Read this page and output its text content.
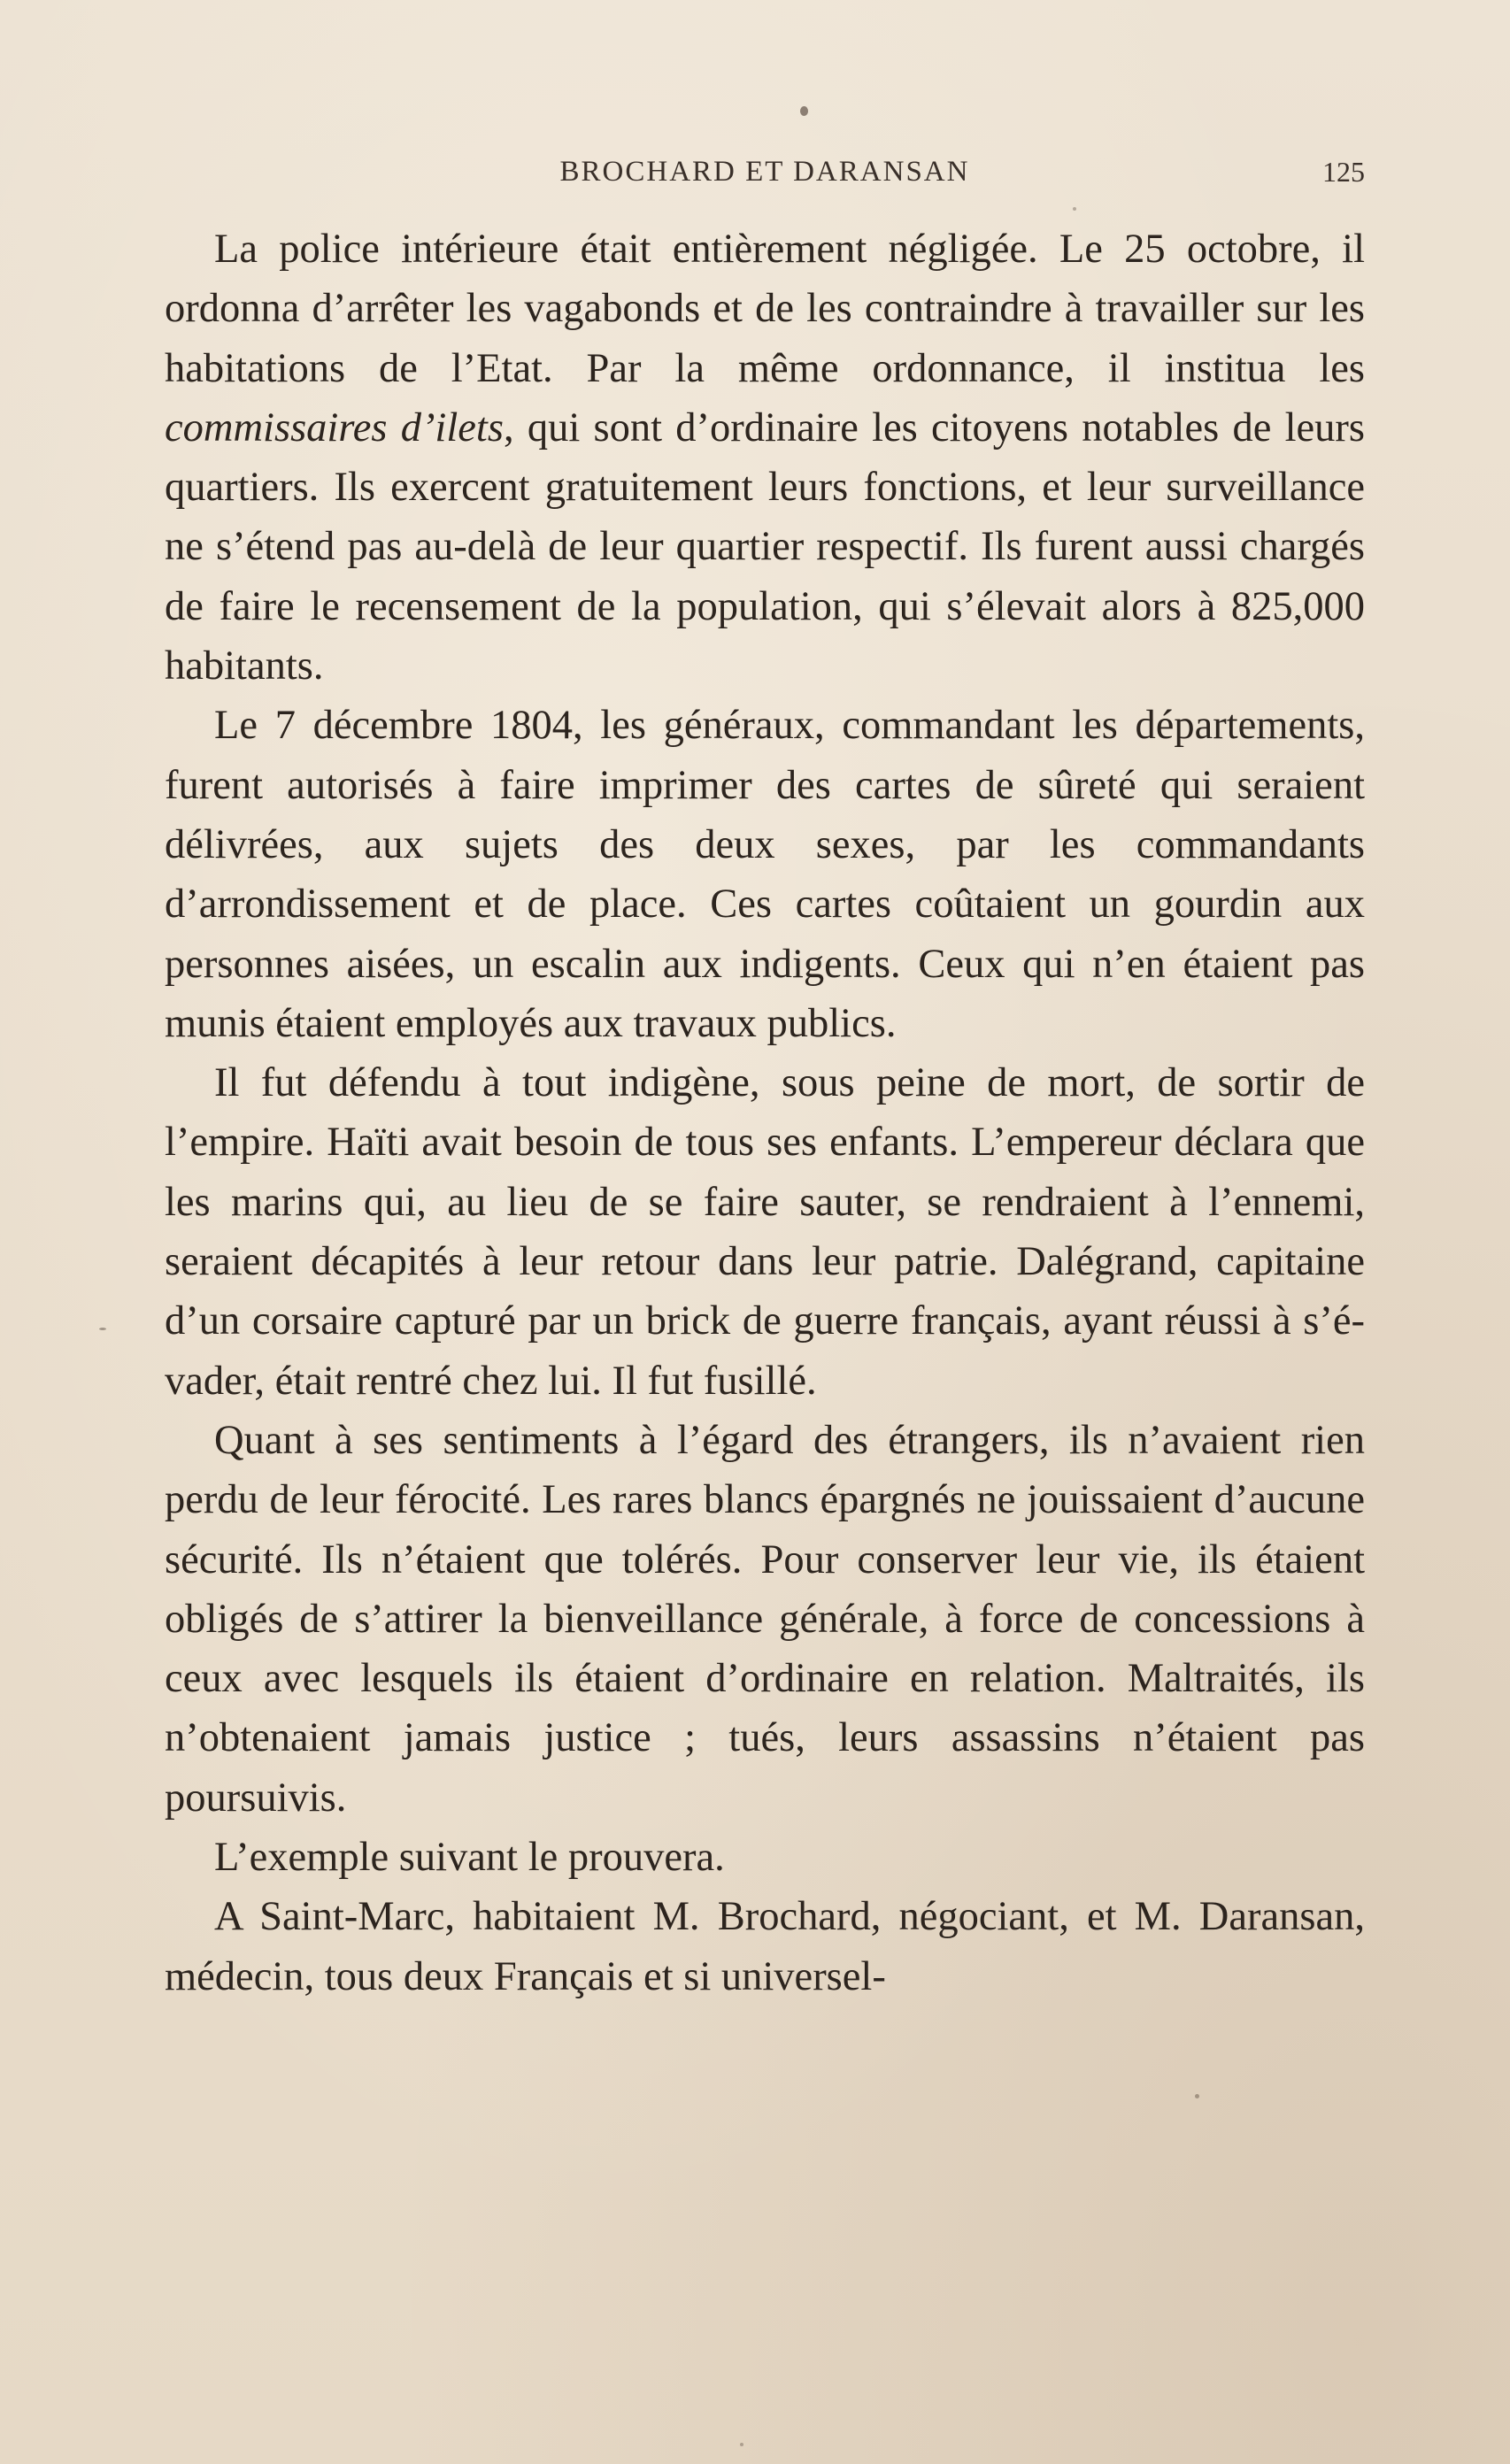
BROCHARD ET DARANSAN	125

La police intérieure était entièrement négligée. Le 25 octobre, il ordonna d’arrêter les vagabonds et de les contraindre à travailler sur les habitations de l’Etat. Par la même ordonnance, il institua les commissaires d’ilets, qui sont d’ordinaire les citoyens notables de leurs quartiers. Ils exercent gratuitement leurs fonctions, et leur surveillance ne s’étend pas au-delà de leur quartier respectif. Ils furent aussi chargés de faire le recensement de la population, qui s’élevait alors à 825,000 habitants.

Le 7 décembre 1804, les généraux, commandant les départements, furent autorisés à faire imprimer des cartes de sûreté qui seraient délivrées, aux sujets des deux sexes, par les commandants d’arrondissement et de place. Ces cartes coûtaient un gourdin aux personnes aisées, un escalin aux indigents. Ceux qui n’en étaient pas munis étaient employés aux travaux publics.

Il fut défendu à tout indigène, sous peine de mort, de sortir de l’empire. Haïti avait besoin de tous ses enfants. L’empereur déclara que les marins qui, au lieu de se faire sauter, se rendraient à l’ennemi, seraient décapités à leur retour dans leur patrie. Dalégrand, capitaine d’un corsaire capturé par un brick de guerre français, ayant réussi à s’évader, était rentré chez lui. Il fut fusillé.

Quant à ses sentiments à l’égard des étrangers, ils n’avaient rien perdu de leur férocité. Les rares blancs épargnés ne jouissaient d’aucune sécurité. Ils n’étaient que tolérés. Pour conserver leur vie, ils étaient obligés de s’attirer la bienveillance générale, à force de concessions à ceux avec lesquels ils étaient d’ordinaire en relation. Maltraités, ils n’obtenaient jamais justice ; tués, leurs assassins n’étaient pas poursuivis.

L’exemple suivant le prouvera.

A Saint-Marc, habitaient M. Brochard, négociant, et M. Daransan, médecin, tous deux Français et si universel-
